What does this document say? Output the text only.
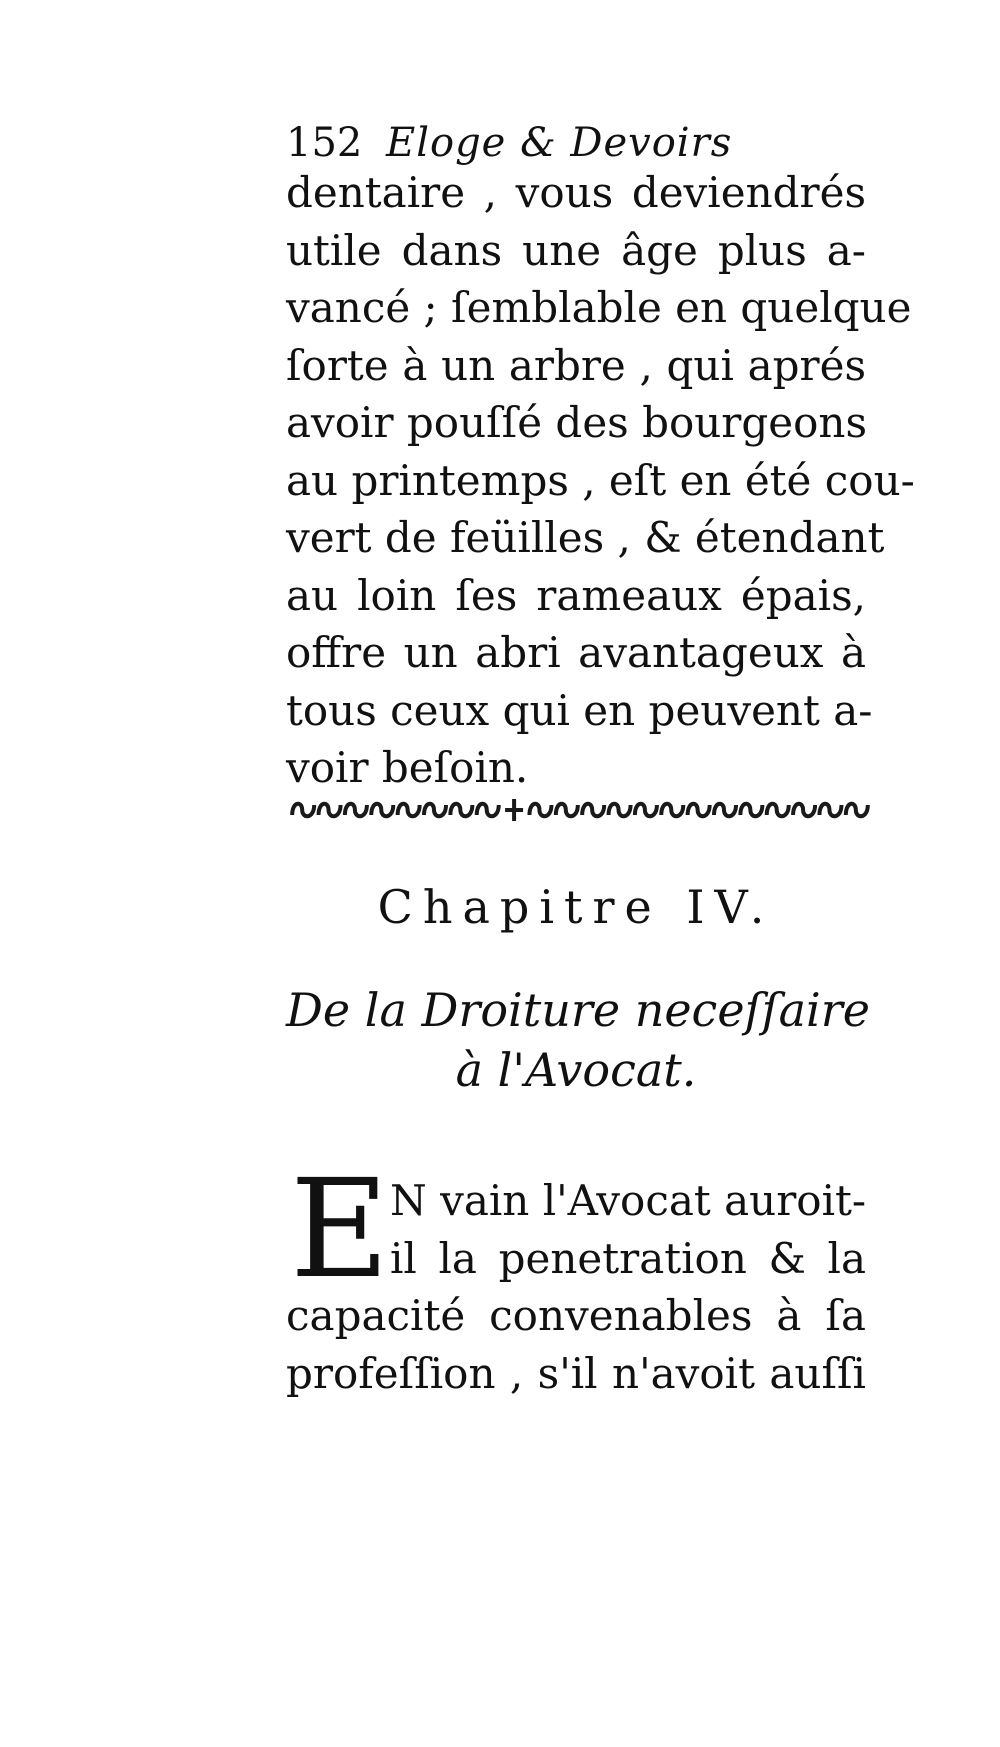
152 Eloge & Devoirs
dentaire , vous deviendrés
utile dans une âge plus a-
vancé ; ſemblable en quelque
ſorte à un arbre , qui aprés
avoir pouſſé des bourgeons
au printemps , eſt en été cou-
vert de feüilles , & étendant
au loin ſes rameaux épais,
offre un abri avantageux à
tous ceux qui en peuvent a-
voir beſoin.
Chapitre IV.
De la Droiture neceſſaire
à l'Avocat.
E N vain l'Avocat auroit-
il la penetration & la
capacité convenables à ſa
profeſſion , s'il n'avoit auſſi
